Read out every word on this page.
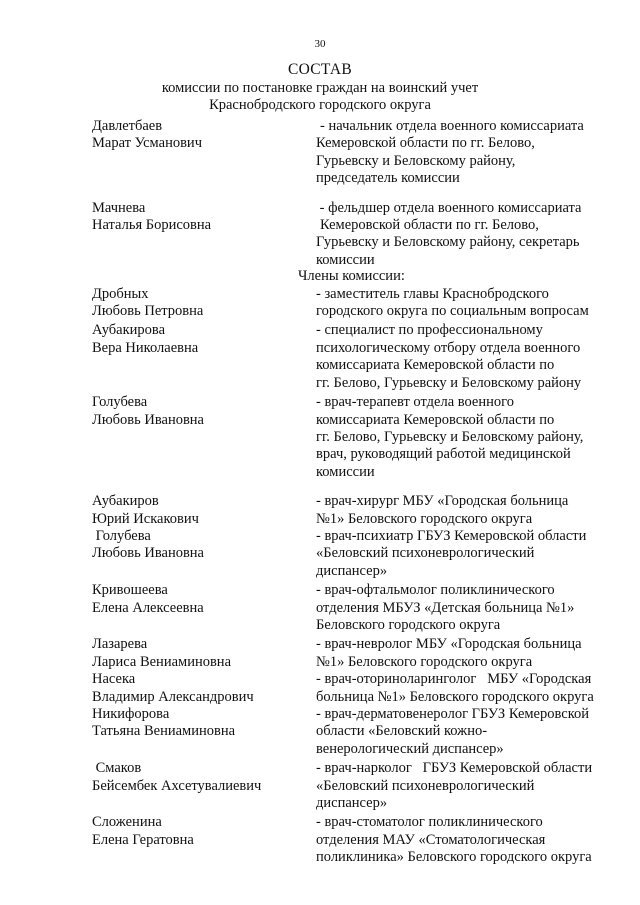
30
СОСТАВ
комиссии по постановке граждан на воинский учет
Краснобродского городского округа
Давлетбаев
Марат Усманович
- начальник отдела военного комиссариата
Кемеровской области по гг. Белово,
Гурьевску и Беловскому району,
председатель комиссии
Мачнева
Наталья Борисовна
- фельдшер отдела военного комиссариата
Кемеровской области по гг. Белово,
Гурьевску и Беловскому району, секретарь
комиссии
Члены комиссии:
Дробных
Любовь Петровна
- заместитель главы Краснобродского
городского округа по социальным вопросам
Аубакирова
Вера Николаевна
- специалист по профессиональному
психологическому отбору отдела военного
комиссариата Кемеровской области по
гг. Белово, Гурьевску и Беловскому району
Голубева
Любовь Ивановна
- врач-терапевт отдела военного
комиссариата Кемеровской области по
гг. Белово, Гурьевску и Беловскому району,
врач, руководящий работой медицинской
комиссии
Аубакиров
Юрий Искакович
- врач-хирург МБУ «Городская больница
№1» Беловского городского округа
Голубева
Любовь Ивановна
- врач-психиатр ГБУЗ Кемеровской области
«Беловский психоневрологический
диспансер»
Кривошеева
Елена Алексеевна
- врач-офтальмолог поликлинического
отделения МБУЗ «Детская больница №1»
Беловского городского округа
Лазарева
Лариса Вениаминовна
- врач-невролог МБУ «Городская больница
№1» Беловского городского округа
Насека
Владимир Александрович
- врач-оториноларинголог   МБУ «Городская
больница №1» Беловского городского округа
Никифорова
Татьяна Вениаминовна
- врач-дерматовенеролог ГБУЗ Кемеровской
области «Беловский кожно-
венерологический диспансер»
Смаков
Бейсембек Ахсетувалиевич
- врач-нарколог   ГБУЗ Кемеровской области
«Беловский психоневрологический
диспансер»
Сложенина
Елена Гератовна
- врач-стоматолог поликлинического
отделения МАУ «Стоматологическая
поликлиника» Беловского городского округа
